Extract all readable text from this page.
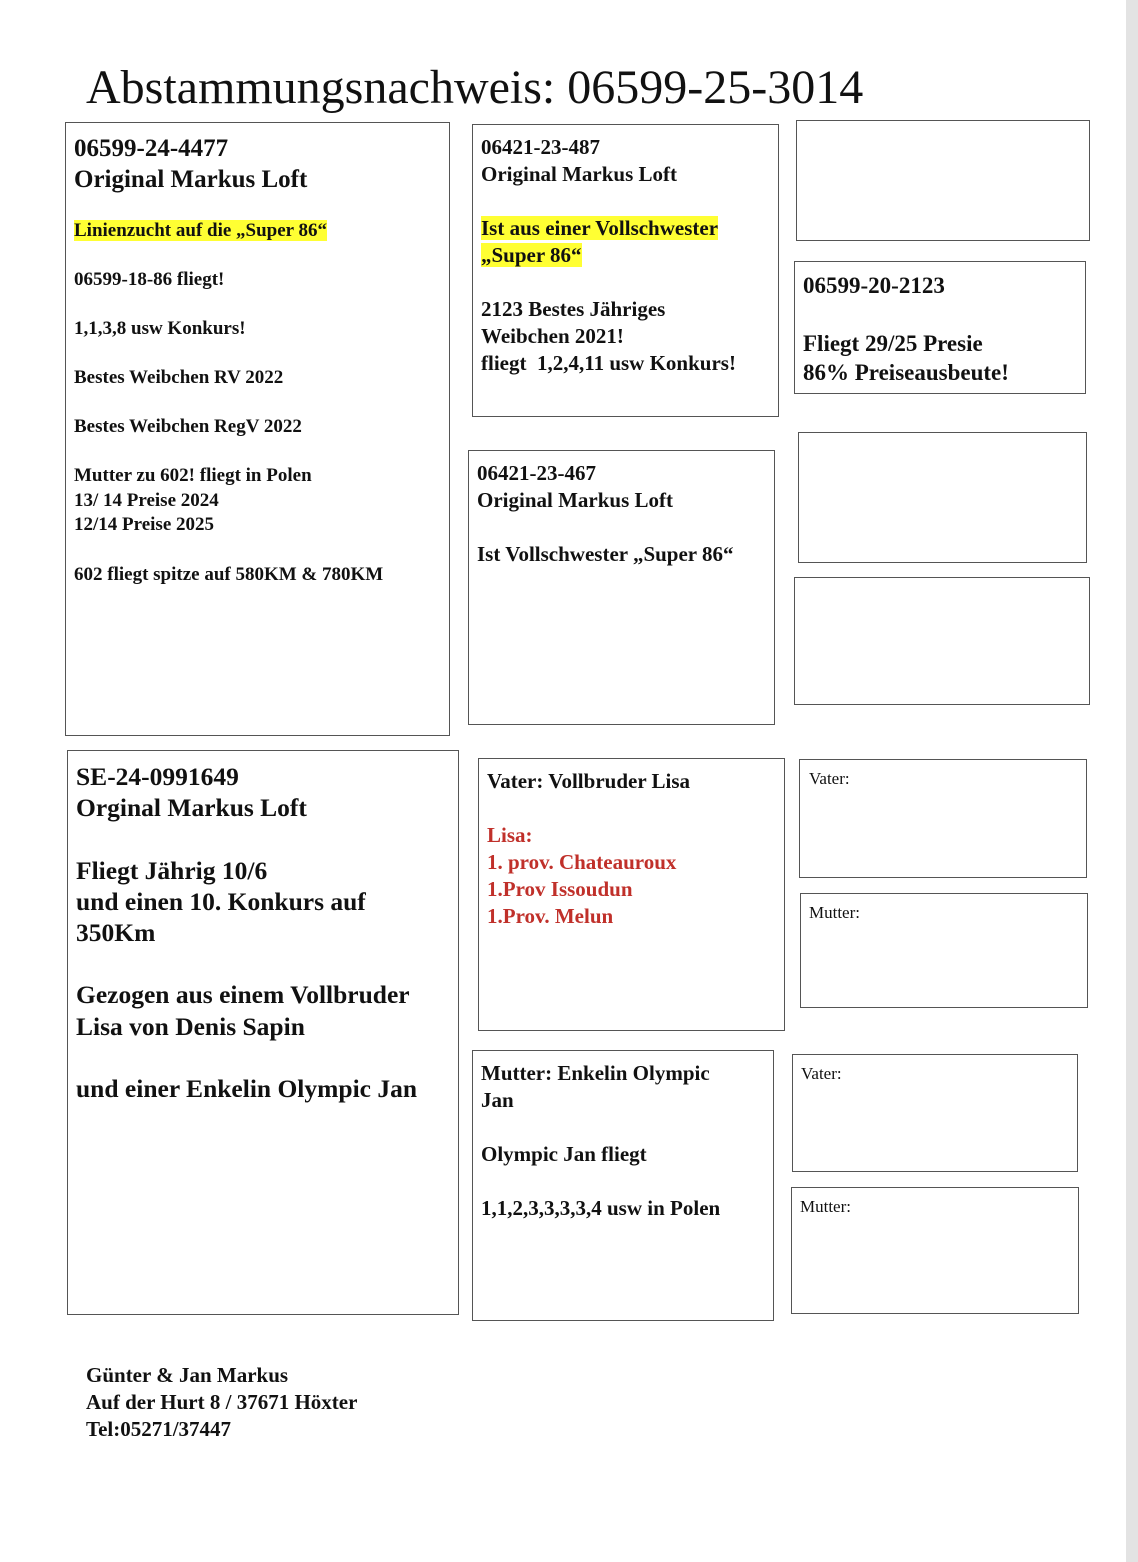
Abstammungsnachweis: 06599-25-3014

06599-24-4477

Original Markus Loft

Linienzucht auf die „Super 86“

06599-18-86 fliegt!

1,1,3,8 usw Konkurs!

Bestes Weibchen RV 2022

Bestes Weibchen RegV 2022

Mutter zu 602! fliegt in Polen

13/ 14 Preise 2024

12/14 Preise 2025

602 fliegt spitze auf 580KM & 780KM

06421-23-487

Original Markus Loft

Ist aus einer Vollschwester

„Super 86“

2123 Bestes Jähriges

Weibchen 2021!

fliegt  1,2,4,11 usw Konkurs!

06421-23-467

Original Markus Loft

Ist Vollschwester „Super 86“

06599-20-2123

Fliegt 29/25 Presie

86% Preiseausbeute!

SE-24-0991649

Orginal Markus Loft

Fliegt Jährig 10/6

und einen 10. Konkurs auf

350Km

Gezogen aus einem Vollbruder

Lisa von Denis Sapin

und einer Enkelin Olympic Jan

Vater: Vollbruder Lisa

Lisa:

1. prov. Chateauroux

1.Prov Issoudun

1.Prov. Melun

Mutter: Enkelin Olympic

Jan

Olympic Jan fliegt

1,1,2,3,3,3,3,4 usw in Polen

Vater:
Mutter:
Vater:
Mutter:

Günter & Jan Markus

Auf der Hurt 8 / 37671 Höxter

Tel:05271/37447
